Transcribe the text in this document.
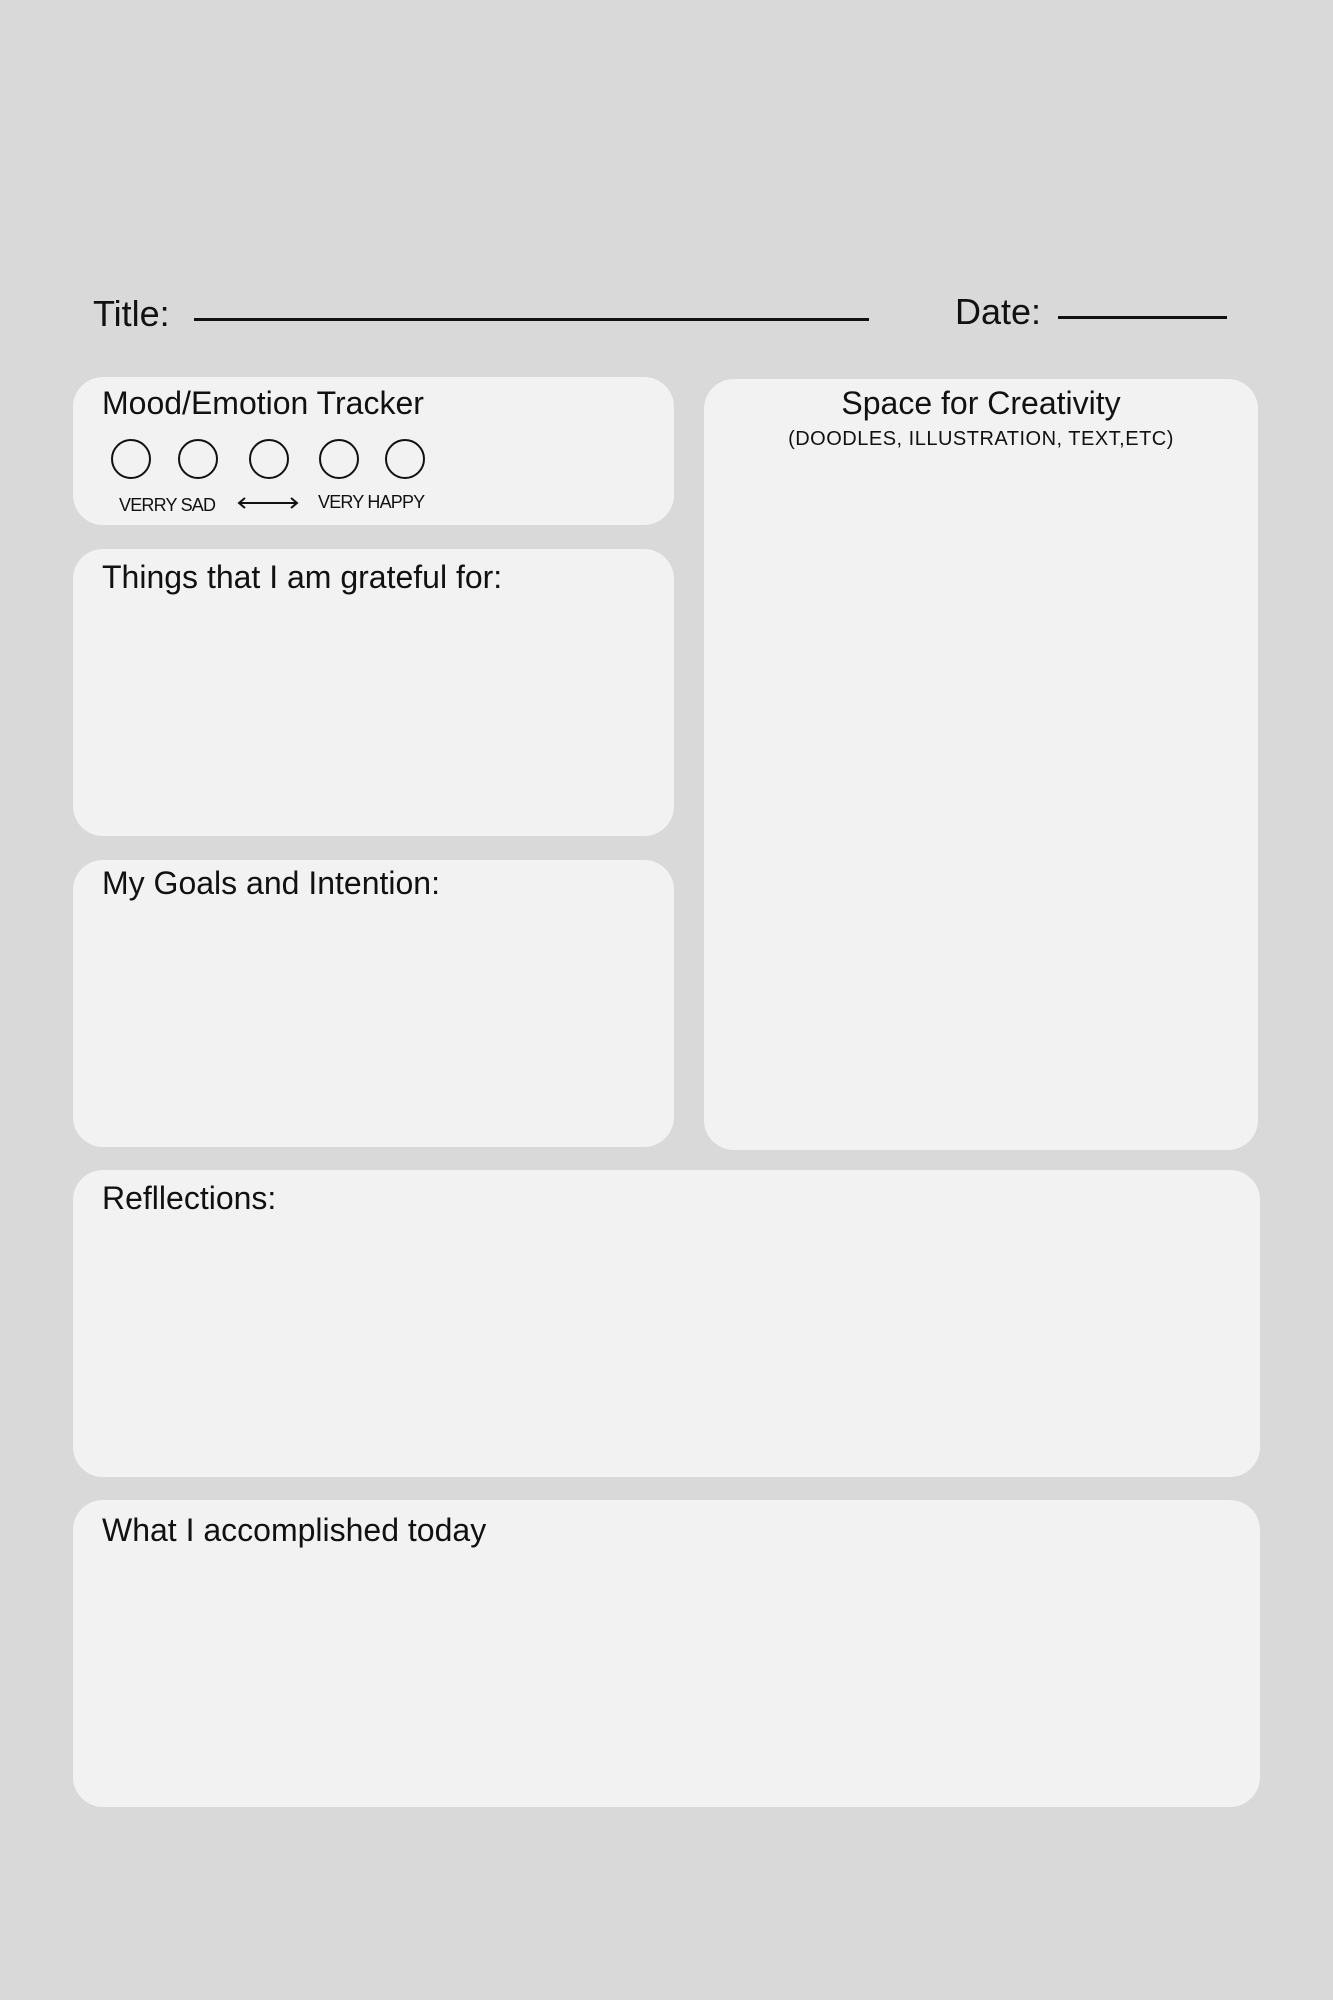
Title:	Date:
Mood/Emotion Tracker
VERRY SAD	VERY HAPPY
Things that I am grateful for:
My Goals and Intention:
Space for Creativity
(DOODLES, ILLUSTRATION, TEXT,ETC)
Refllections:
What I accomplished today
